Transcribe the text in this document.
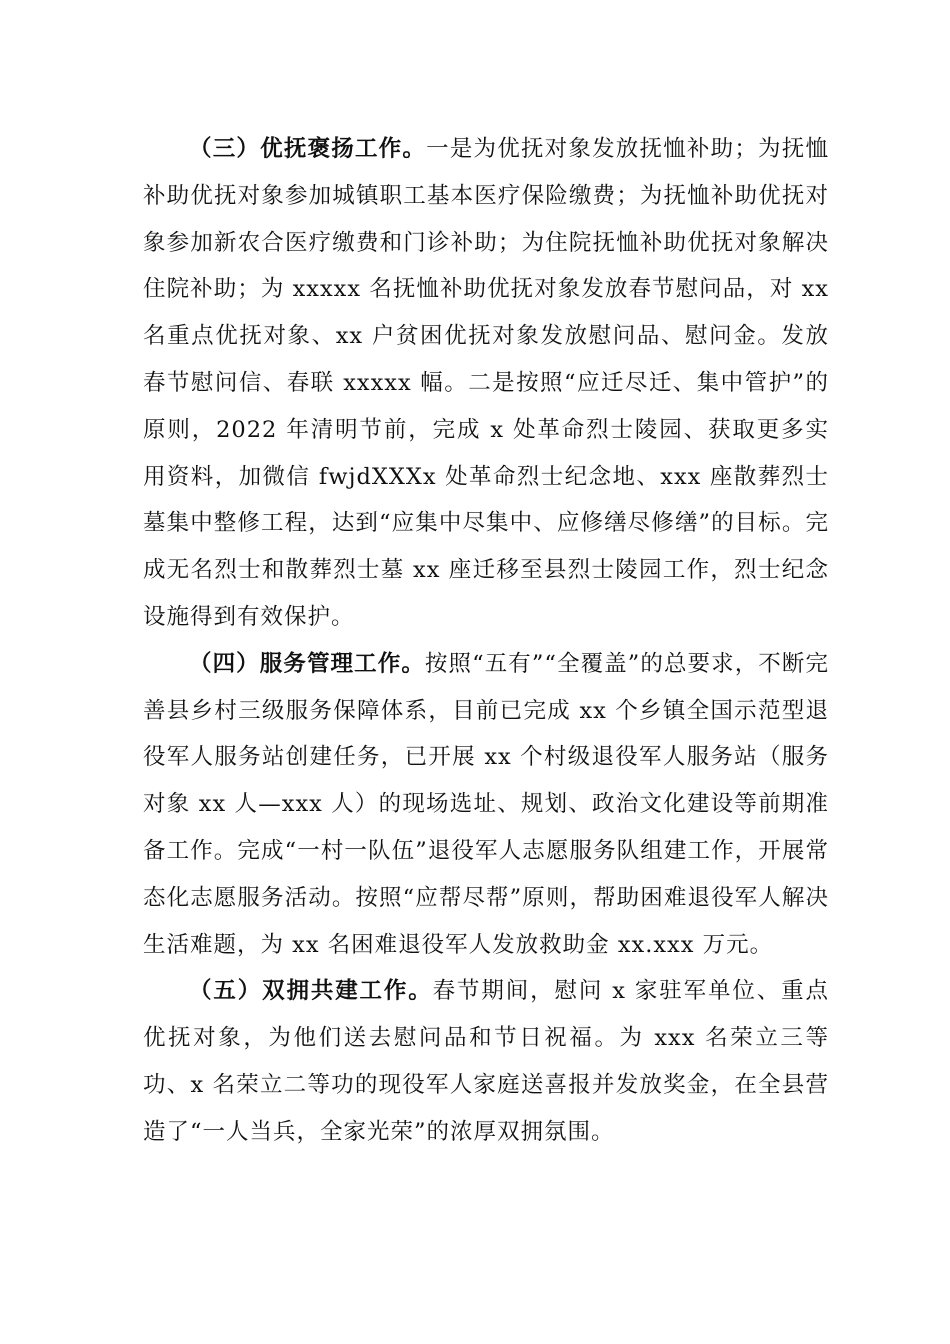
（三）优抚褒扬工作。一是为优抚对象发放抚恤补助；为抚恤补助优抚对象参加城镇职工基本医疗保险缴费；为抚恤补助优抚对象参加新农合医疗缴费和门诊补助；为住院抚恤补助优抚对象解决住院补助；为 xxxxx 名抚恤补助优抚对象发放春节慰问品，对 xx 名重点优抚对象、xx 户贫困优抚对象发放慰问品、慰问金。发放春节慰问信、春联 xxxxx 幅。二是按照“应迁尽迁、集中管护”的原则，2022 年清明节前，完成 x 处革命烈士陵园、获取更多实用资料，加微信 fwjdXXXx 处革命烈士纪念地、xxx 座散葬烈士墓集中整修工程，达到“应集中尽集中、应修缮尽修缮”的目标。完成无名烈士和散葬烈士墓 xx 座迁移至县烈士陵园工作，烈士纪念设施得到有效保护。

（四）服务管理工作。按照“五有”“全覆盖”的总要求，不断完善县乡村三级服务保障体系，目前已完成 xx 个乡镇全国示范型退役军人服务站创建任务，已开展 xx 个村级退役军人服务站（服务对象 xx 人—xxx 人）的现场选址、规划、政治文化建设等前期准备工作。完成“一村一队伍”退役军人志愿服务队组建工作，开展常态化志愿服务活动。按照“应帮尽帮”原则，帮助困难退役军人解决生活难题，为 xx 名困难退役军人发放救助金 xx.xxx 万元。

（五）双拥共建工作。春节期间，慰问 x 家驻军单位、重点优抚对象，为他们送去慰问品和节日祝福。为 xxx 名荣立三等功、x 名荣立二等功的现役军人家庭送喜报并发放奖金，在全县营造了“一人当兵，全家光荣”的浓厚双拥氛围。
